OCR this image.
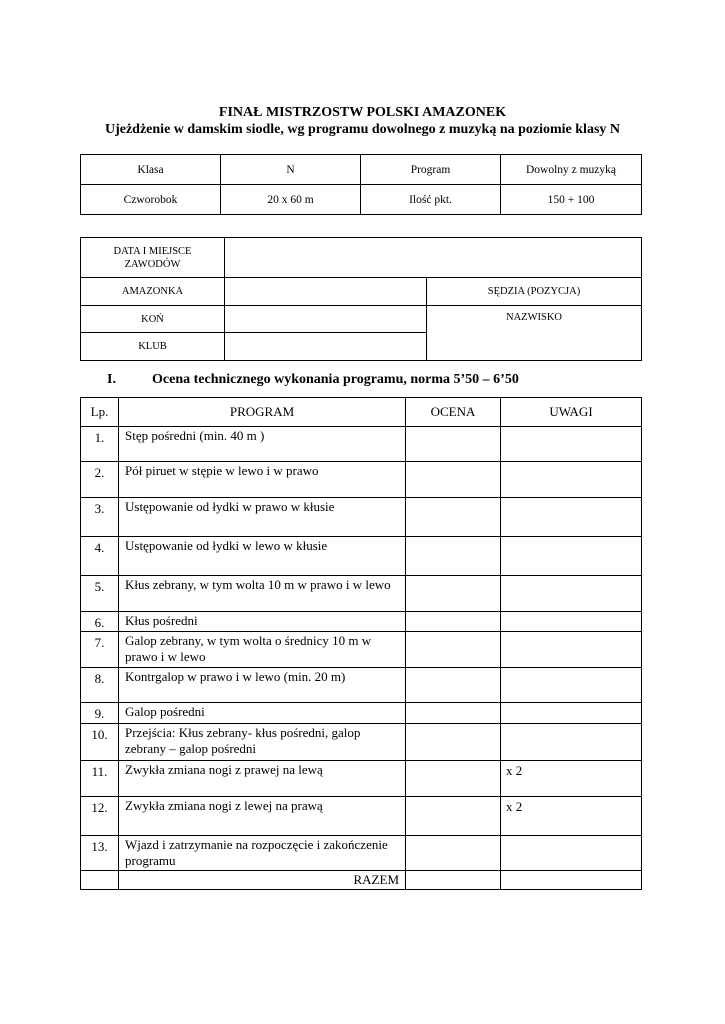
FINAŁ MISTRZOSTW POLSKI AMAZONEK
Ujeżdżenie w damskim siodle, wg programu dowolnego z muzyką na poziomie klasy N
Klasa	N	Program	Dowolny z muzyką
Czworobok	20 x 60 m	Ilość pkt.	150 + 100
DATA I MIEJSCE ZAWODÓW		
AMAZONKA		SĘDZIA (POZYCJA)
KOŃ		NAZWISKO
KLUB		
I.	Ocena technicznego wykonania programu, norma 5’50 – 6’50
Lp.	PROGRAM	OCENA	UWAGI
1.	Stęp pośredni (min. 40 m )		
2.	Pół piruet w stępie w lewo i w prawo		
3.	Ustępowanie od łydki w prawo w kłusie		
4.	Ustępowanie od łydki w lewo w kłusie		
5.	Kłus zebrany, w tym wolta 10 m w prawo i w lewo		
6.	Kłus pośredni		
7.	Galop zebrany, w tym wolta o średnicy 10 m w prawo i w lewo		
8.	Kontrgalop w prawo i w lewo (min. 20 m)		
9.	Galop pośredni		
10.	Przejścia: Kłus zebrany- kłus pośredni, galop zebrany – galop pośredni		
11.	Zwykła zmiana nogi z prawej na lewą		x 2
12.	Zwykła zmiana nogi z lewej na prawą		x 2
13.	Wjazd i zatrzymanie na rozpoczęcie i zakończenie programu		
	RAZEM		
